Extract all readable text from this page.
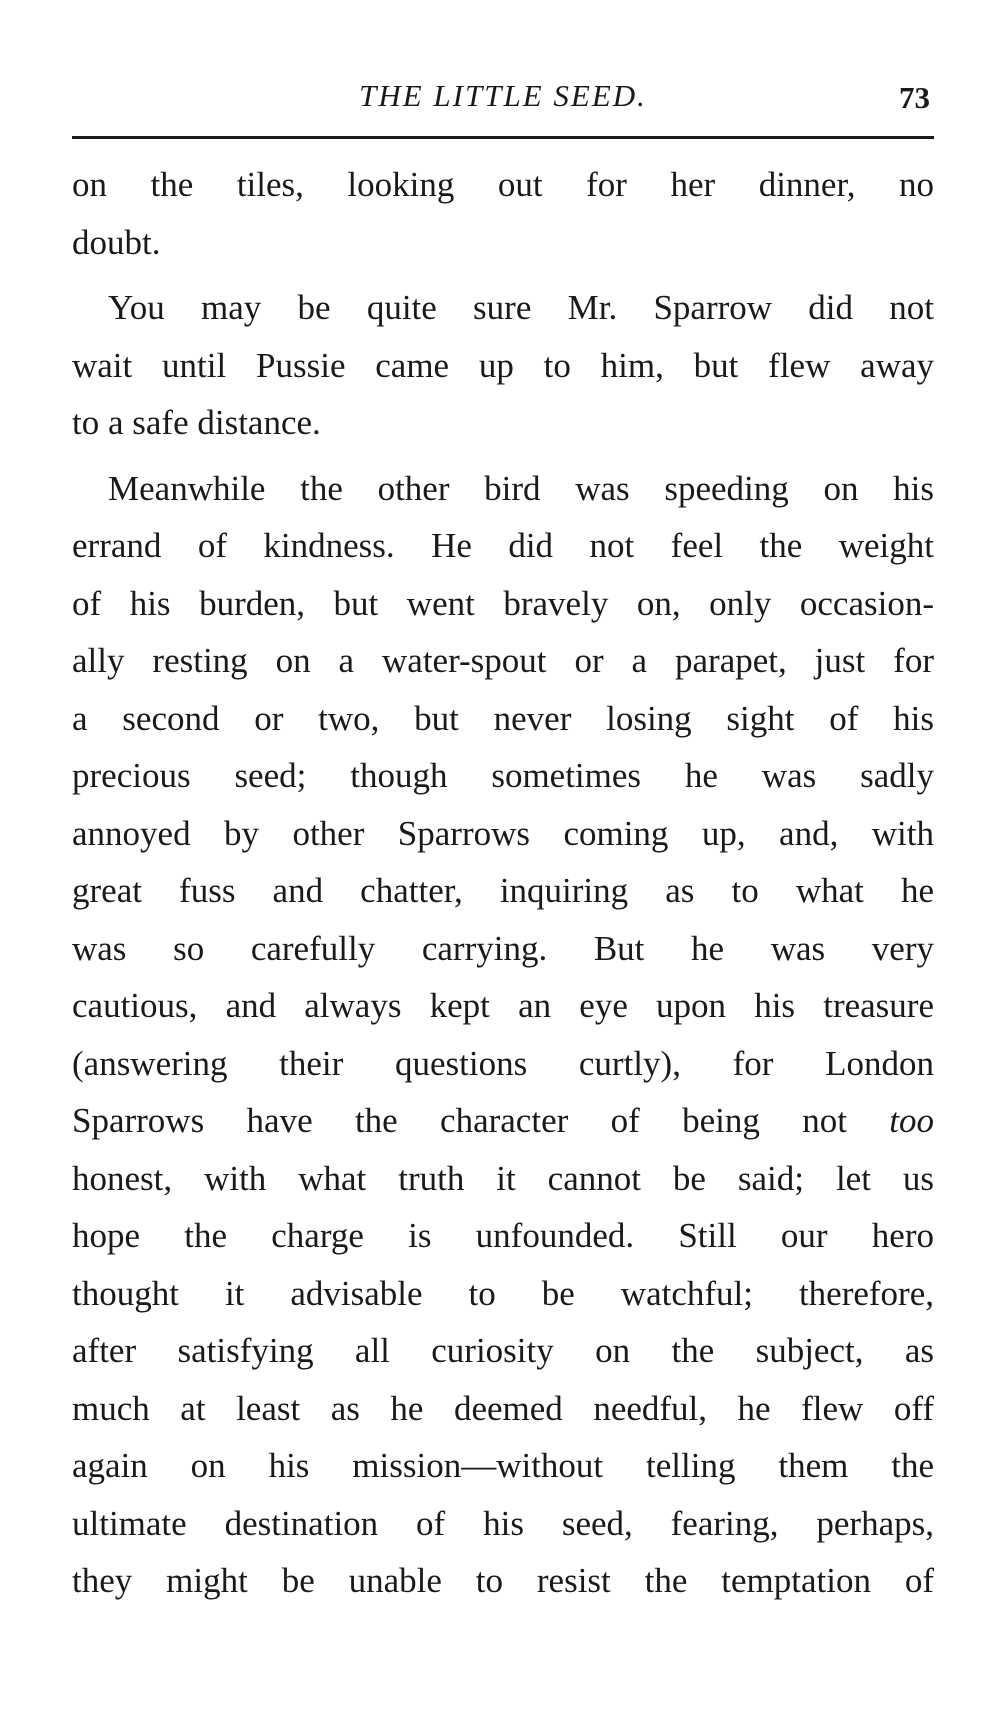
THE LITTLE SEED.	73

on the tiles, looking out for her dinner, no
doubt.

You may be quite sure Mr. Sparrow did not
wait until Pussie came up to him, but flew away
to a safe distance.

Meanwhile the other bird was speeding on his
errand of kindness. He did not feel the weight
of his burden, but went bravely on, only occasion-
ally resting on a water-spout or a parapet, just for
a second or two, but never losing sight of his
precious seed; though sometimes he was sadly
annoyed by other Sparrows coming up, and, with
great fuss and chatter, inquiring as to what he
was so carefully carrying. But he was very
cautious, and always kept an eye upon his treasure
(answering their questions curtly), for London
Sparrows have the character of being not too
honest, with what truth it cannot be said; let us
hope the charge is unfounded. Still our hero
thought it advisable to be watchful; therefore,
after satisfying all curiosity on the subject, as
much at least as he deemed needful, he flew off
again on his mission—without telling them the
ultimate destination of his seed, fearing, perhaps,
they might be unable to resist the temptation of
